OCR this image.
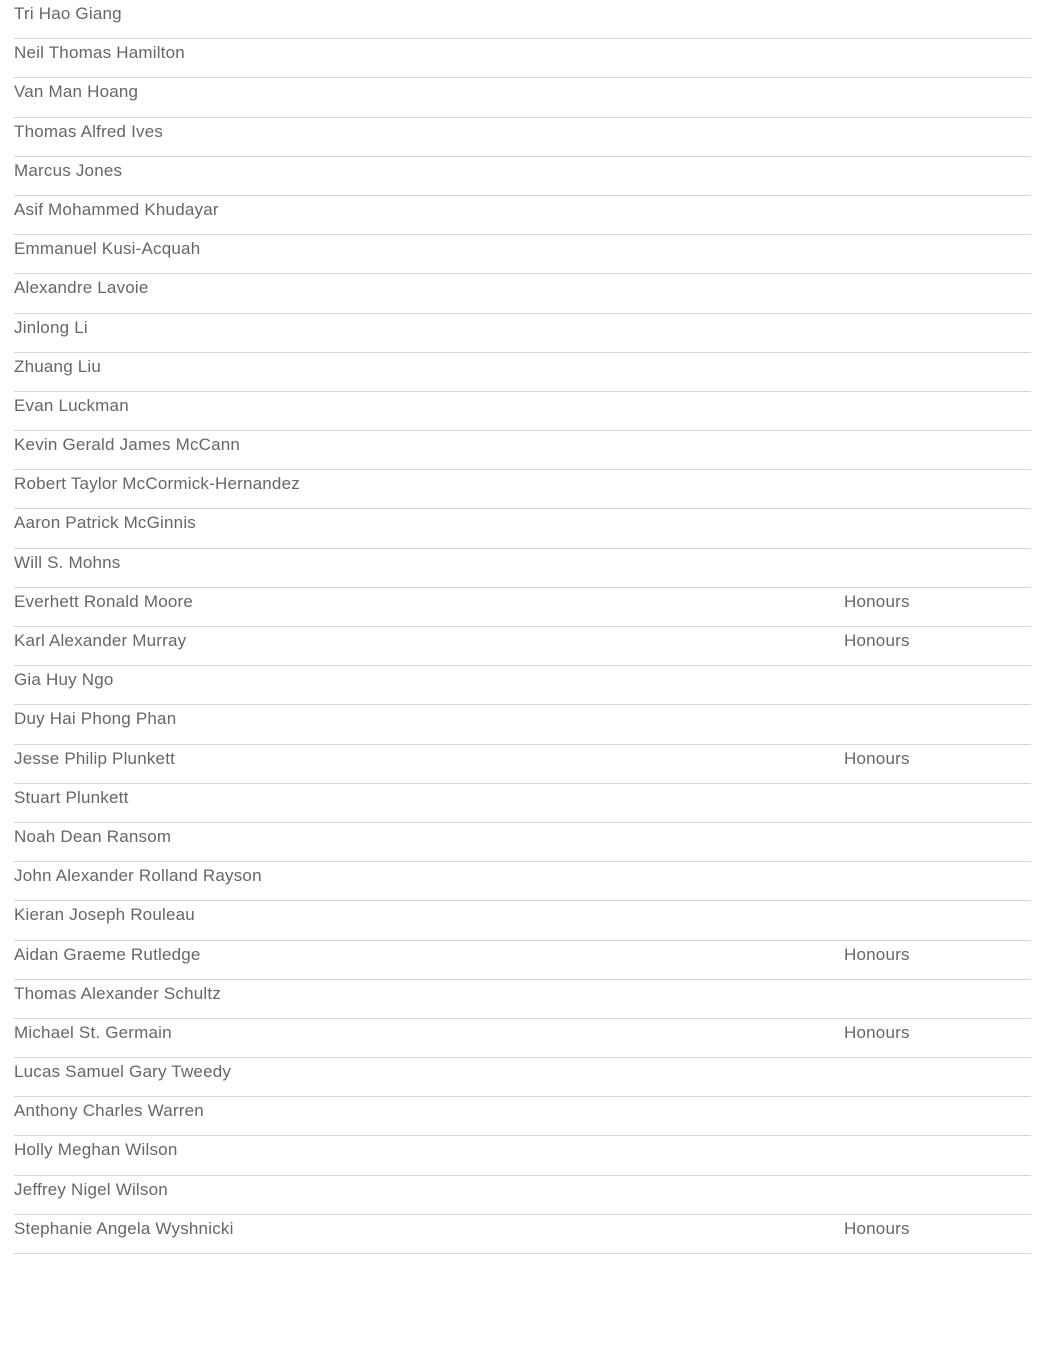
Tri Hao Giang
Neil Thomas Hamilton
Van Man Hoang
Thomas Alfred Ives
Marcus Jones
Asif Mohammed Khudayar
Emmanuel Kusi-Acquah
Alexandre Lavoie
Jinlong Li
Zhuang Liu
Evan Luckman
Kevin Gerald James McCann
Robert Taylor McCormick-Hernandez
Aaron Patrick McGinnis
Will S. Mohns
Everhett Ronald Moore	Honours
Karl Alexander Murray	Honours
Gia Huy Ngo
Duy Hai Phong Phan
Jesse Philip Plunkett	Honours
Stuart Plunkett
Noah Dean Ransom
John Alexander Rolland Rayson
Kieran Joseph Rouleau
Aidan Graeme Rutledge	Honours
Thomas Alexander Schultz
Michael St. Germain	Honours
Lucas Samuel Gary Tweedy
Anthony Charles Warren
Holly Meghan Wilson
Jeffrey Nigel Wilson
Stephanie Angela Wyshnicki	Honours
